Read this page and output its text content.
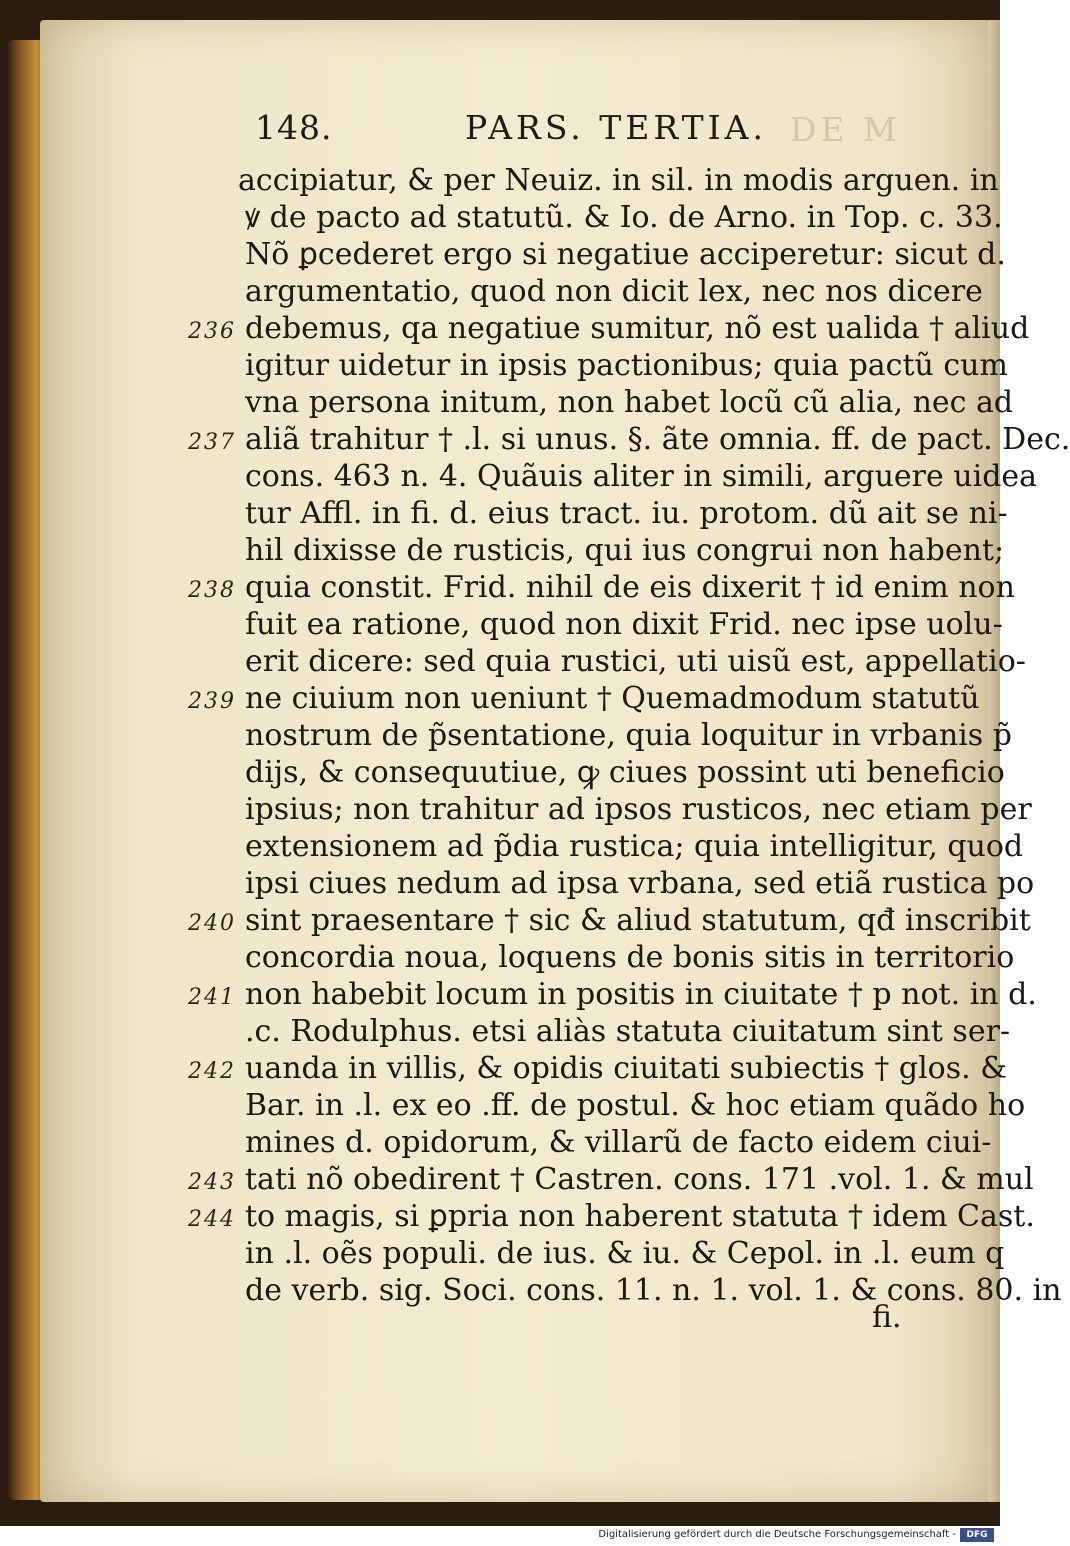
148.	PARS. TERTIA. DE M
accipiatur, & per Neuiz. in sil. in modis arguen. in
ꝟ de pacto ad statutũ. & Io. de Arno. in Top. c. 33.
Nõ ꝑcederet ergo si negatiue acciperetur: sicut d.
argumentatio, quod non dicit lex, nec nos dicere
236 debemus, qa negatiue sumitur, nõ est ualida † aliud
igitur uidetur in ipsis pactionibus; quia pactũ cum
vna persona initum, non habet locũ cũ alia, nec ad
237 aliã trahitur † .l. si unus. §. ãte omnia. ff. de pact. Dec.
cons. 463 n. 4. Quãuis aliter in simili, arguere uidea
tur Affl. in fi. d. eius tract. iu. protom. dũ ait se ni-
hil dixisse de rusticis, qui ius congrui non habent;
238 quia constit. Frid. nihil de eis dixerit † id enim non
fuit ea ratione, quod non dixit Frid. nec ipse uolu-
erit dicere: sed quia rustici, uti uisũ est, appellatio-
239 ne ciuium non ueniunt † Quemadmodum statutũ
nostrum de p̃sentatione, quia loquitur in vrbanis p̃
dijs, & consequutiue, ꝙ ciues possint uti beneficio
ipsius; non trahitur ad ipsos rusticos, nec etiam per
extensionem ad p̃dia rustica; quia intelligitur, quod
ipsi ciues nedum ad ipsa vrbana, sed etiã rustica po
240 sint praesentare † sic & aliud statutum, qđ inscribit
concordia noua, loquens de bonis sitis in territorio
241 non habebit locum in positis in ciuitate † p not. in d.
.c. Rodulphus. etsi aliàs statuta ciuitatum sint ser-
242 uanda in villis, & opidis ciuitati subiectis † glos. &
Bar. in .l. ex eo .ff. de postul. & hoc etiam quãdo ho
mines d. opidorum, & villarũ de facto eidem ciui-
243 tati nõ obedirent † Castren. cons. 171 .vol. 1. & mul
244 to magis, si ꝑpria non haberent statuta † idem Cast.
in .l. oẽs populi. de ius. & iu. & Cepol. in .l. eum q
de verb. sig. Soci. cons. 11. n. 1. vol. 1. & cons. 80. in
fi.
Digitalisierung gefördert durch die Deutsche Forschungsgemeinschaft -	DFG
